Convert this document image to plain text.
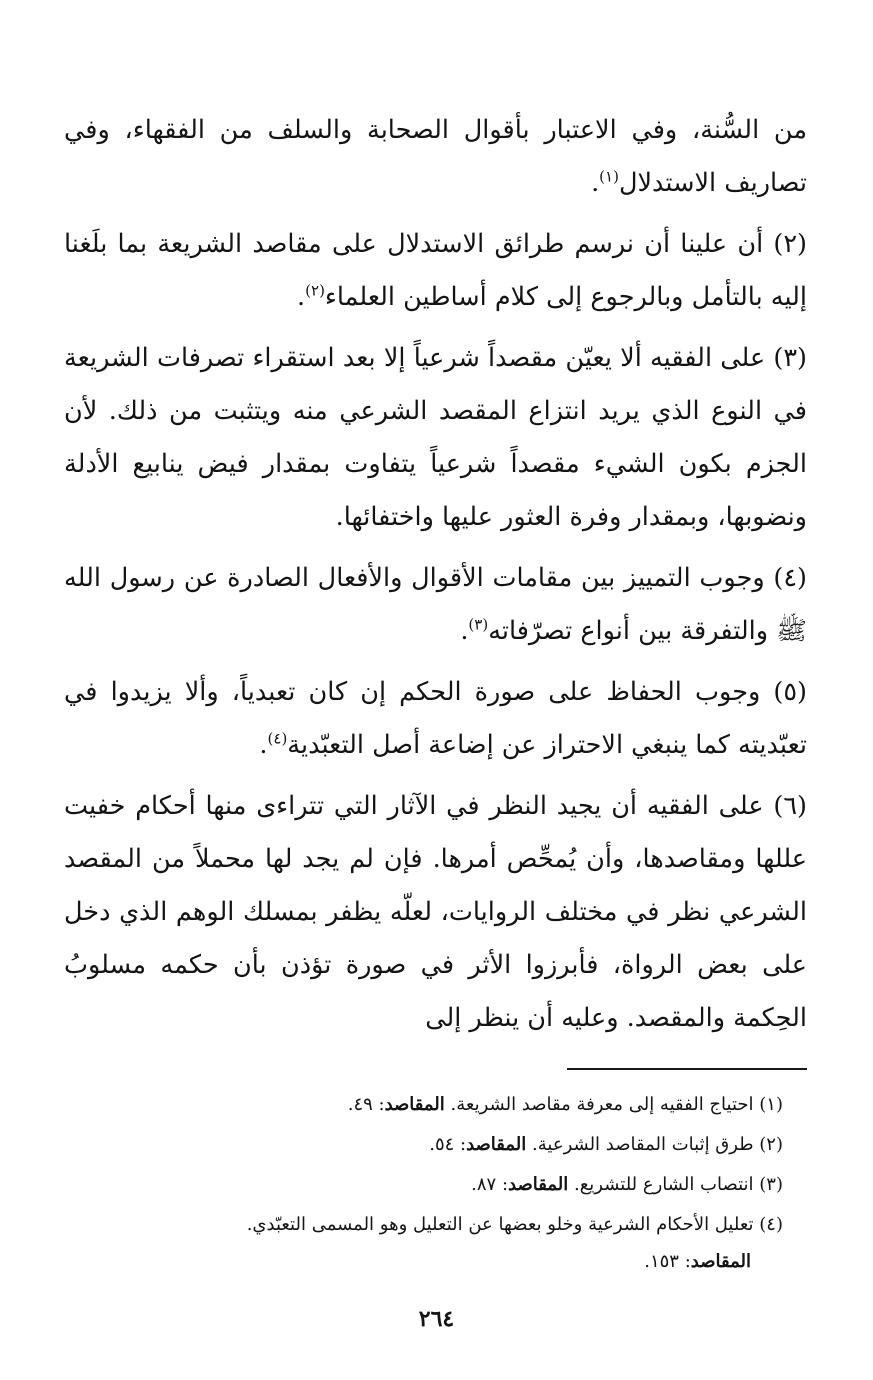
من السُّنة، وفي الاعتبار بأقوال الصحابة والسلف من الفقهاء، وفي تصاريف الاستدلال$^{(١)}$.

(٢) أن علينا أن نرسم طرائق الاستدلال على مقاصد الشريعة بما بلَغنا إليه بالتأمل وبالرجوع إلى كلام أساطين العلماء$^{(٢)}$.

(٣) على الفقيه ألا يعيّن مقصداً شرعياً إلا بعد استقراء تصرفات الشريعة في النوع الذي يريد انتزاع المقصد الشرعي منه ويتثبت من ذلك. لأن الجزم بكون الشيء مقصداً شرعياً يتفاوت بمقدار فيض ينابيع الأدلة ونضوبها، وبمقدار وفرة العثور عليها واختفائها.

(٤) وجوب التمييز بين مقامات الأقوال والأفعال الصادرة عن رسول الله ﷺ والتفرقة بين أنواع تصرّفاته$^{(٣)}$.

(٥) وجوب الحفاظ على صورة الحكم إن كان تعبدياً، وألا يزيدوا في تعبّديته كما ينبغي الاحتراز عن إضاعة أصل التعبّدية$^{(٤)}$.

(٦) على الفقيه أن يجيد النظر في الآثار التي تتراءى منها أحكام خفيت عللها ومقاصدها، وأن يُمحِّص أمرها. فإن لم يجد لها محملاً من المقصد الشرعي نظر في مختلف الروايات، لعلّه يظفر بمسلك الوهم الذي دخل على بعض الرواة، فأبرزوا الأثر في صورة تؤذن بأن حكمه مسلوبُ الحِكمة والمقصد. وعليه أن ينظر إلى

(١) احتياج الفقيه إلى معرفة مقاصد الشريعة. المقاصد: ٤٩.

(٢) طرق إثبات المقاصد الشرعية. المقاصد: ٥٤.

(٣) انتصاب الشارع للتشريع. المقاصد: ٨٧.

(٤) تعليل الأحكام الشرعية وخلو بعضها عن التعليل وهو المسمى التعبّدي.
المقاصد: ١٥٣.

٢٦٤
